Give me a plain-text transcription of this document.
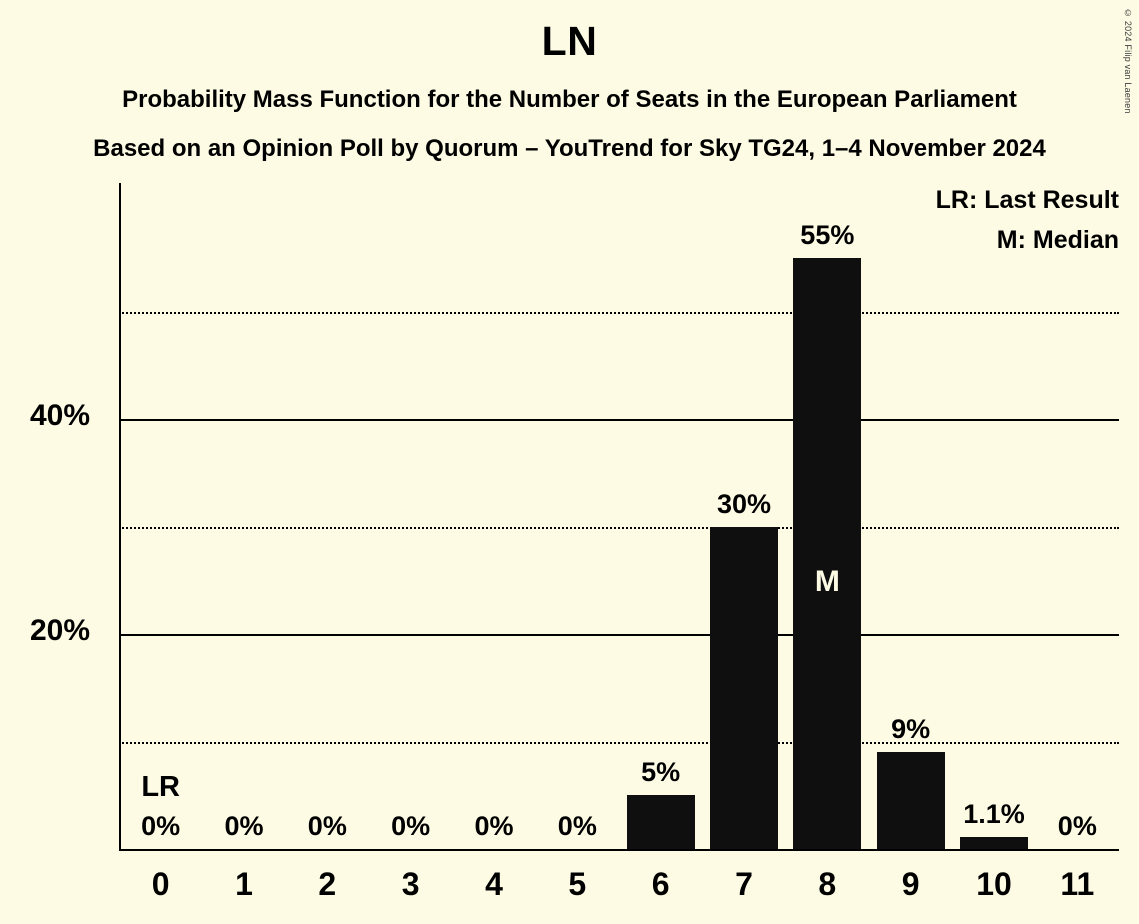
© 2024 Filip van Laenen
LN
Probability Mass Function for the Number of Seats in the European Parliament
Based on an Opinion Poll by Quorum – YouTrend for Sky TG24, 1–4 November 2024
20%
40%
0%	0%	0%	0%	0%	0%
5%
30%
55%
9%
1.1%	0%
LR
M
LR: Last Result
M: Median
0	1	2	3	4	5	6	7	8	9	10	11
